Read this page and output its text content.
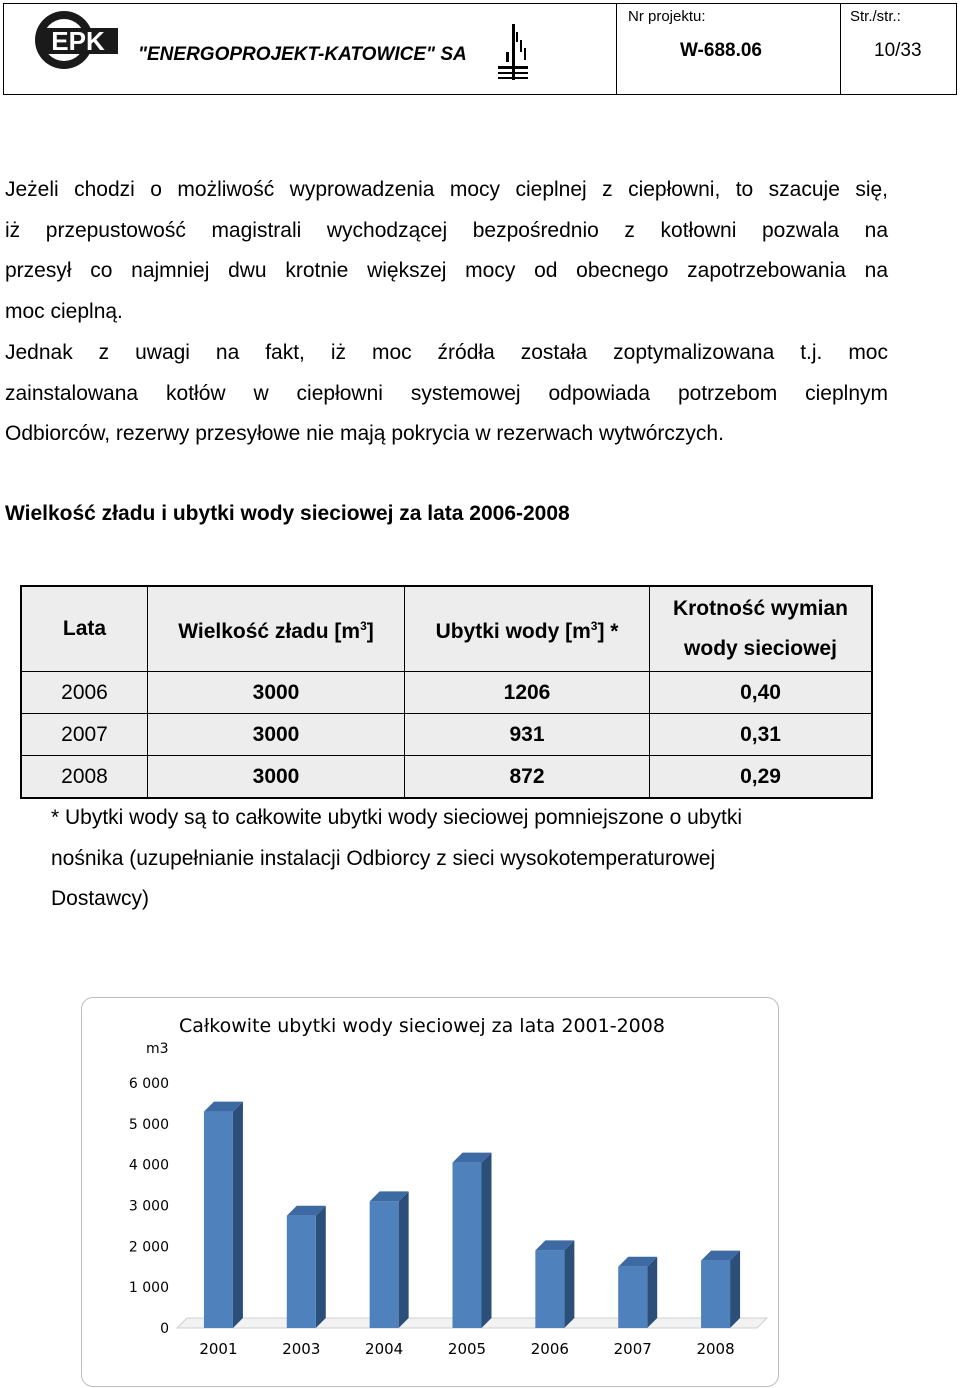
EPK "ENERGOPROJEKT-KATOWICE" SA
Nr projektu:
W-688.06
Str./str.:
10/33

Jeżeli chodzi o możliwość wyprowadzenia mocy cieplnej z ciepłowni, to szacuje się,

iż przepustowość magistrali wychodzącej bezpośrednio z kotłowni pozwala na

przesył co najmniej dwu krotnie większej mocy od obecnego zapotrzebowania na

moc cieplną.

Jednak z uwagi na fakt, iż moc źródła została zoptymalizowana t.j. moc

zainstalowana kotłów w ciepłowni systemowej odpowiada potrzebom cieplnym

Odbiorców, rezerwy przesyłowe nie mają pokrycia w rezerwach wytwórczych.

Wielkość zładu i ubytki wody sieciowej za lata 2006-2008
Lata	Wielkość zładu $[m^3]$	Ubytki wody $[m^3]$ *	Krotność wymian
wody sieciowej
2006	3000	1206	0,40
2007	3000	931	0,31
2008	3000	872	0,29

* Ubytki wody są to całkowite ubytki wody sieciowej pomniejszone o ubytki

nośnika (uzupełnianie instalacji Odbiorcy z sieci wysokotemperaturowej

Dostawcy)

Całkowite ubytki wody sieciowej za lata 2001-2008
m3
0
1 000
2 000
3 000
4 000
5 000
6 000
2001	2003	2004	2005	2006	2007	2008
